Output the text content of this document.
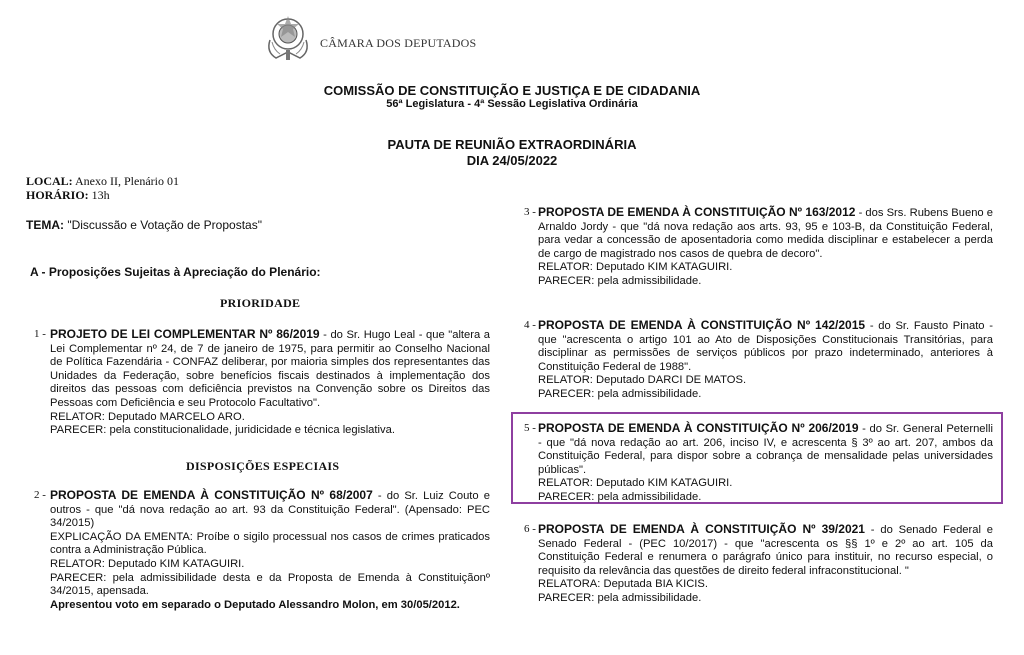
CÂMARA DOS DEPUTADOS
COMISSÃO DE CONSTITUIÇÃO E JUSTIÇA E DE CIDADANIA
56ª Legislatura - 4ª Sessão Legislativa Ordinária
PAUTA DE REUNIÃO EXTRAORDINÁRIA
DIA 24/05/2022
LOCAL: Anexo II, Plenário 01
HORÁRIO: 13h
TEMA: "Discussão e Votação de Propostas"
A - Proposições Sujeitas à Apreciação do Plenário:
PRIORIDADE
DISPOSIÇÕES ESPECIAIS
1 - PROJETO DE LEI COMPLEMENTAR Nº 86/2019 - do Sr. Hugo Leal - que "altera a Lei Complementar nº 24, de 7 de janeiro de 1975, para permitir ao Conselho Nacional de Política Fazendária - CONFAZ deliberar, por maioria simples dos representantes das Unidades da Federação, sobre benefícios fiscais destinados à implementação dos direitos das pessoas com deficiência previstos na Convenção sobre os Direitos das Pessoas com Deficiência e seu Protocolo Facultativo".
RELATOR: Deputado MARCELO ARO.
PARECER: pela constitucionalidade, juridicidade e técnica legislativa.
2 - PROPOSTA DE EMENDA À CONSTITUIÇÃO Nº 68/2007 - do Sr. Luiz Couto e outros - que "dá nova redação ao art. 93 da Constituição Federal". (Apensado: PEC 34/2015)
EXPLICAÇÃO DA EMENTA: Proíbe o sigilo processual nos casos de crimes praticados contra a Administração Pública.
RELATOR: Deputado KIM KATAGUIRI.
PARECER: pela admissibilidade desta e da Proposta de Emenda à Constituiçãonº 34/2015, apensada.
Apresentou voto em separado o Deputado Alessandro Molon, em 30/05/2012.
3 - PROPOSTA DE EMENDA À CONSTITUIÇÃO Nº 163/2012 - dos Srs. Rubens Bueno e Arnaldo Jordy - que "dá nova redação aos arts. 93, 95 e 103-B, da Constituição Federal, para vedar a concessão de aposentadoria como medida disciplinar e estabelecer a perda de cargo de magistrado nos casos de quebra de decoro".
RELATOR: Deputado KIM KATAGUIRI.
PARECER: pela admissibilidade.
4 - PROPOSTA DE EMENDA À CONSTITUIÇÃO Nº 142/2015 - do Sr. Fausto Pinato - que "acrescenta o artigo 101 ao Ato de Disposições Constitucionais Transitórias, para disciplinar as permissões de serviços públicos por prazo indeterminado, anteriores à Constituição Federal de 1988".
RELATOR: Deputado DARCI DE MATOS.
PARECER: pela admissibilidade.
5 - PROPOSTA DE EMENDA À CONSTITUIÇÃO Nº 206/2019 - do Sr. General Peternelli - que "dá nova redação ao art. 206, inciso IV, e acrescenta § 3º ao art. 207, ambos da Constituição Federal, para dispor sobre a cobrança de mensalidade pelas universidades públicas".
RELATOR: Deputado KIM KATAGUIRI.
PARECER: pela admissibilidade.
6 - PROPOSTA DE EMENDA À CONSTITUIÇÃO Nº 39/2021 - do Senado Federal e Senado Federal - (PEC 10/2017) - que "acrescenta os §§ 1º e 2º ao art. 105 da Constituição Federal e renumera o parágrafo único para instituir, no recurso especial, o requisito da relevância das questões de direito federal infraconstitucional. "
RELATORA: Deputada BIA KICIS.
PARECER: pela admissibilidade.
